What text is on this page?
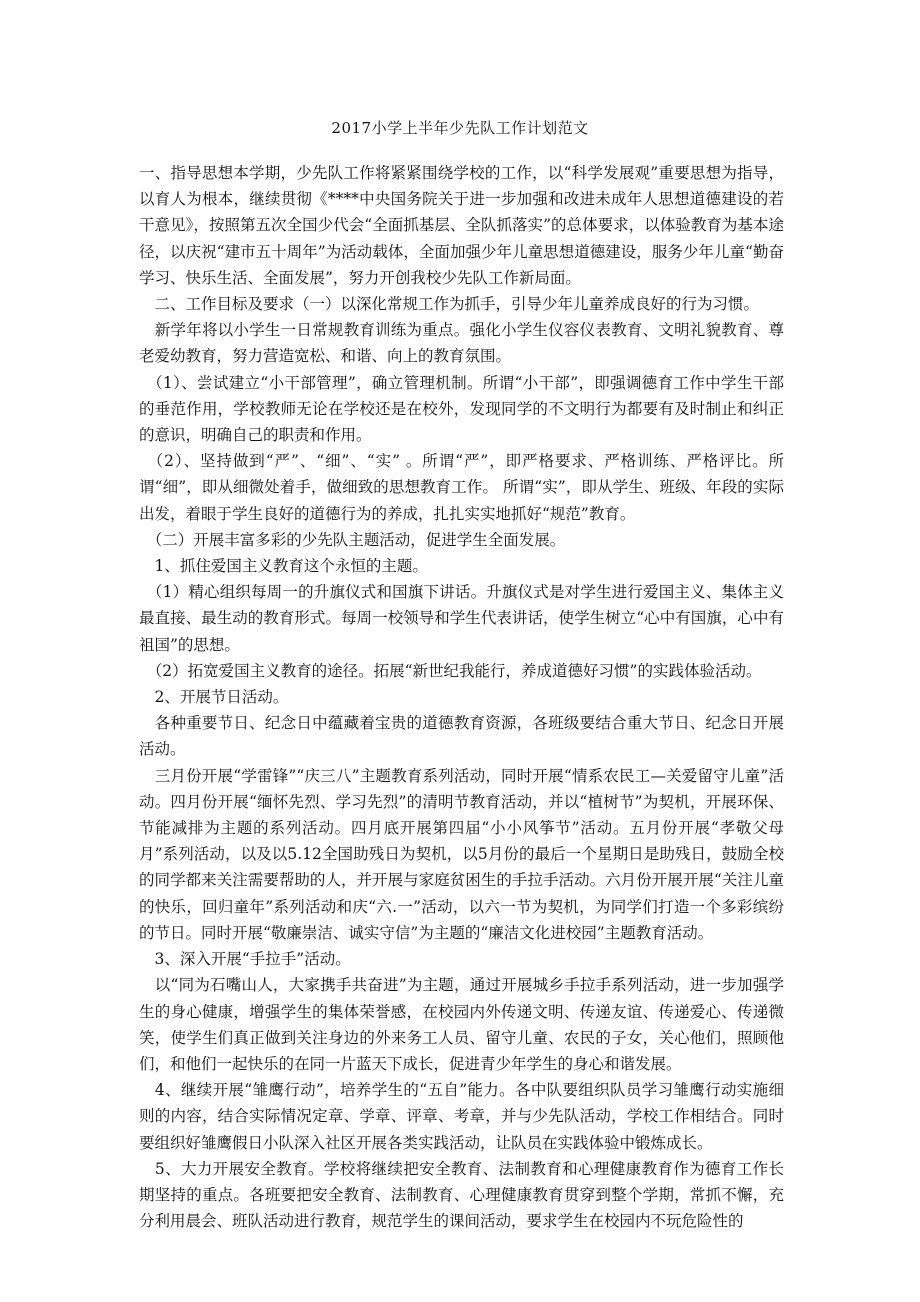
2017小学上半年少先队工作计划范文

一、指导思想本学期，少先队工作将紧紧围绕学校的工作，以“科学发展观”重要思想为指导，以育人为根本，继续贯彻《****中央国务院关于进一步加强和改进未成年人思想道德建设的若干意见》，按照第五次全国少代会“全面抓基层、全队抓落实”的总体要求，以体验教育为基本途径，以庆祝“建市五十周年”为活动载体，全面加强少年儿童思想道德建设，服务少年儿童“勤奋学习、快乐生活、全面发展”，努力开创我校少先队工作新局面。

　二、工作目标及要求（一）以深化常规工作为抓手，引导少年儿童养成良好的行为习惯。

　新学年将以小学生一日常规教育训练为重点。强化小学生仪容仪表教育、文明礼貌教育、尊老爱幼教育，努力营造宽松、和谐、向上的教育氛围。

　（1）、尝试建立“小干部管理”，确立管理机制。所谓“小干部”，即强调德育工作中学生干部的垂范作用，学校教师无论在学校还是在校外，发现同学的不文明行为都要有及时制止和纠正的意识，明确自己的职责和作用。

　（2）、坚持做到“严”、“细”、“实” 。所谓“严”，即严格要求、严格训练、严格评比。所谓“细”，即从细微处着手，做细致的思想教育工作。 所谓“实”，即从学生、班级、年段的实际出发，着眼于学生良好的道德行为的养成，扎扎实实地抓好“规范”教育。

　（二）开展丰富多彩的少先队主题活动，促进学生全面发展。

　1、抓住爱国主义教育这个永恒的主题。

　（1）精心组织每周一的升旗仪式和国旗下讲话。升旗仪式是对学生进行爱国主义、集体主义最直接、最生动的教育形式。每周一校领导和学生代表讲话，使学生树立“心中有国旗，心中有祖国”的思想。

　（2）拓宽爱国主义教育的途径。拓展“新世纪我能行，养成道德好习惯”的实践体验活动。

　2、开展节日活动。

　各种重要节日、纪念日中蕴藏着宝贵的道德教育资源，各班级要结合重大节日、纪念日开展活动。

　三月份开展“学雷锋”“庆三八”主题教育系列活动，同时开展“情系农民工—关爱留守儿童”活动。四月份开展“缅怀先烈、学习先烈”的清明节教育活动，并以“植树节”为契机，开展环保、节能减排为主题的系列活动。四月底开展第四届“小小风筝节”活动。五月份开展“孝敬父母月”系列活动，以及以5.12全国助残日为契机，以5月份的最后一个星期日是助残日，鼓励全校的同学都来关注需要帮助的人，并开展与家庭贫困生的手拉手活动。六月份开展开展“关注儿童的快乐，回归童年”系列活动和庆“六.一”活动，以六一节为契机，为同学们打造一个多彩缤纷的节日。同时开展“敬廉崇洁、诚实守信”为主题的“廉洁文化进校园”主题教育活动。

　3、深入开展“手拉手”活动。

　以“同为石嘴山人，大家携手共奋进”为主题，通过开展城乡手拉手系列活动，进一步加强学生的身心健康，增强学生的集体荣誉感，在校园内外传递文明、传递友谊、传递爱心、传递微笑，使学生们真正做到关注身边的外来务工人员、留守儿童、农民的子女，关心他们，照顾他们，和他们一起快乐的在同一片蓝天下成长，促进青少年学生的身心和谐发展。

　4、继续开展“雏鹰行动”，培养学生的“五自”能力。各中队要组织队员学习雏鹰行动实施细则的内容，结合实际情况定章、学章、评章、考章，并与少先队活动，学校工作相结合。同时要组织好雏鹰假日小队深入社区开展各类实践活动，让队员在实践体验中锻炼成长。

　5、大力开展安全教育。学校将继续把安全教育、法制教育和心理健康教育作为德育工作长期坚持的重点。各班要把安全教育、法制教育、心理健康教育贯穿到整个学期，常抓不懈，充分利用晨会、班队活动进行教育，规范学生的课间活动，要求学生在校园内不玩危险性的
